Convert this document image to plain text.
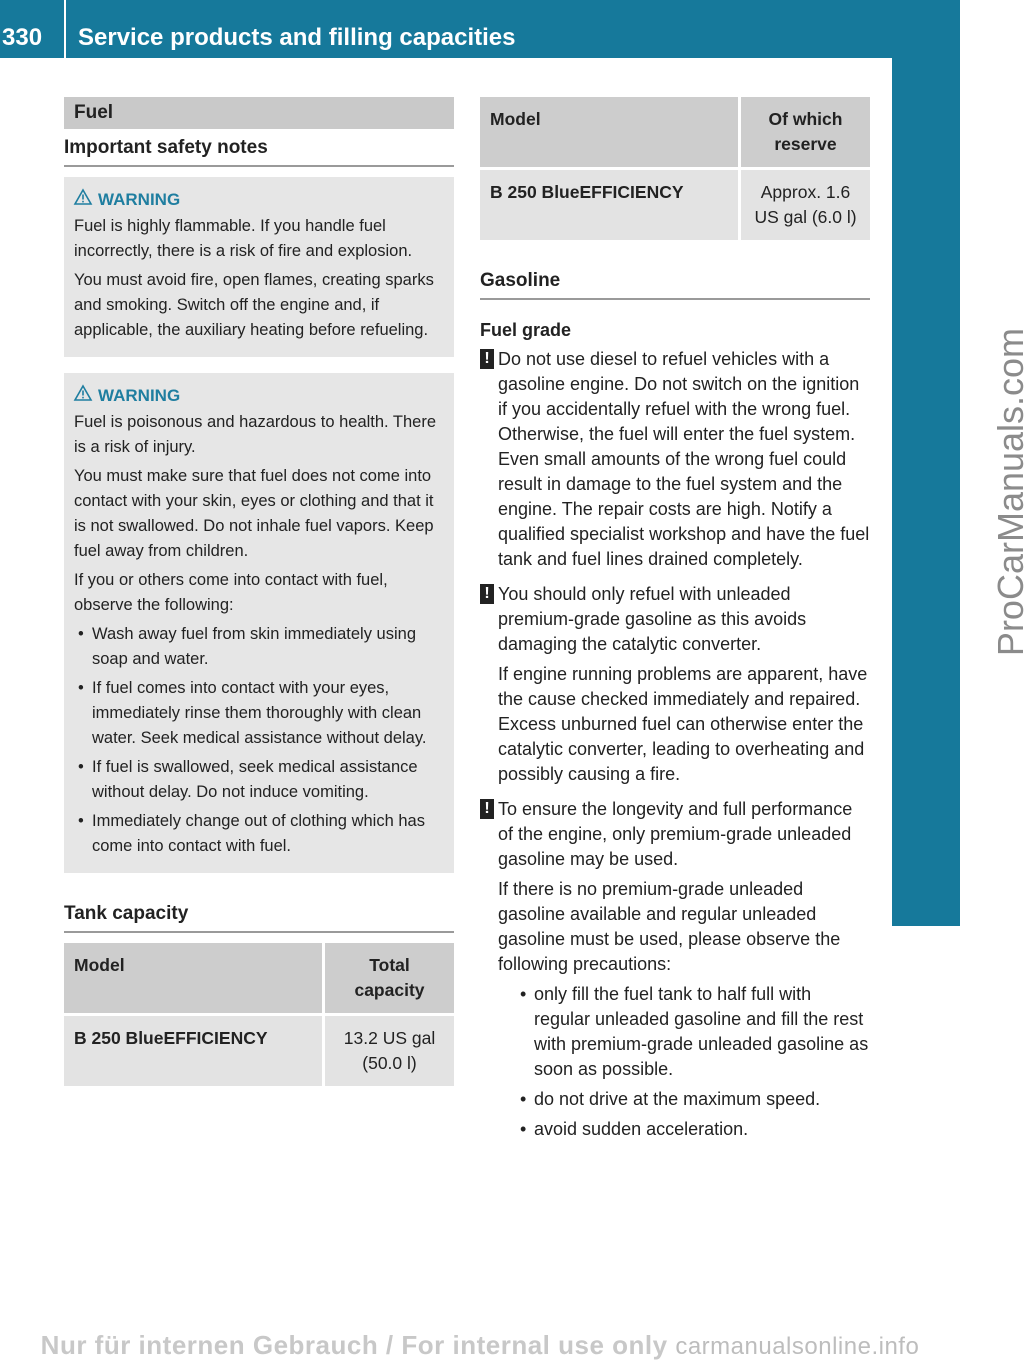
330 Service products and filling capacities
Technical data
ProCarManuals.com
Fuel
Important safety notes
WARNING

Fuel is highly flammable. If you handle fuel incorrectly, there is a risk of fire and explosion.

You must avoid fire, open flames, creating sparks and smoking. Switch off the engine and, if applicable, the auxiliary heating before refueling.

WARNING

Fuel is poisonous and hazardous to health. There is a risk of injury.

You must make sure that fuel does not come into contact with your skin, eyes or clothing and that it is not swallowed. Do not inhale fuel vapors. Keep fuel away from children.

If you or others come into contact with fuel, observe the following:

• Wash away fuel from skin immediately using soap and water.
• If fuel comes into contact with your eyes, immediately rinse them thoroughly with clean water. Seek medical assistance without delay.
• If fuel is swallowed, seek medical assistance without delay. Do not induce vomiting.
• Immediately change out of clothing which has come into contact with fuel.
Tank capacity
Model	Total capacity
B 250 BlueEFFICIENCY	13.2 US gal (50.0 l)
Model	Of which reserve
B 250 BlueEFFICIENCY	Approx. 1.6 US gal (6.0 l)
Gasoline
Fuel grade
! Do not use diesel to refuel vehicles with a gasoline engine. Do not switch on the ignition if you accidentally refuel with the wrong fuel. Otherwise, the fuel will enter the fuel system. Even small amounts of the wrong fuel could result in damage to the fuel system and the engine. The repair costs are high. Notify a qualified specialist workshop and have the fuel tank and fuel lines drained completely.

! You should only refuel with unleaded premium-grade gasoline as this avoids damaging the catalytic converter.

If engine running problems are apparent, have the cause checked immediately and repaired. Excess unburned fuel can otherwise enter the catalytic converter, leading to overheating and possibly causing a fire.

! To ensure the longevity and full performance of the engine, only premium-grade unleaded gasoline may be used.

If there is no premium-grade unleaded gasoline available and regular unleaded gasoline must be used, please observe the following precautions:

• only fill the fuel tank to half full with regular unleaded gasoline and fill the rest with premium-grade unleaded gasoline as soon as possible.
• do not drive at the maximum speed.
• avoid sudden acceleration.
Nur für internen Gebrauch / For internal use only carmanualsonline.info
